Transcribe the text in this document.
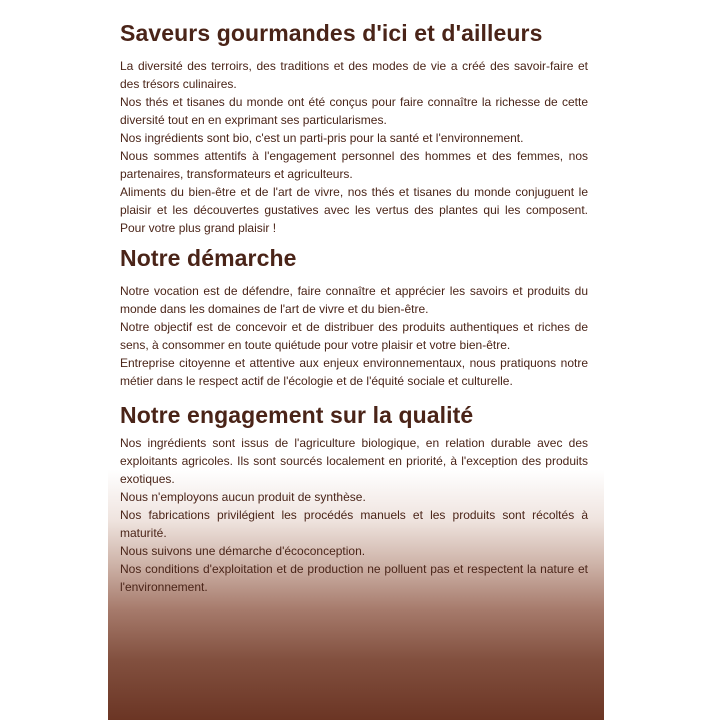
Saveurs gourmandes d'ici et d'ailleurs

La diversité des terroirs, des traditions et des modes de vie a créé des savoir-faire et des trésors culinaires.

Nos thés et tisanes du monde ont été conçus pour faire connaître la richesse de cette diversité tout en en exprimant ses particularismes.

Nos ingrédients sont bio, c'est un parti-pris pour la santé et l'environnement.

Nous sommes attentifs à l'engagement personnel des hommes et des femmes, nos partenaires, transformateurs et agriculteurs.

Aliments du bien-être et de l'art de vivre, nos thés et tisanes du monde conjuguent le plaisir et les découvertes gustatives avec les vertus des plantes qui les composent. Pour votre plus grand plaisir !

Notre démarche

Notre vocation est de défendre, faire connaître et apprécier les savoirs et produits du monde dans les domaines de l'art de vivre et du bien-être.

Notre objectif est de concevoir et de distribuer des produits authentiques et riches de sens, à consommer en toute quiétude pour votre plaisir et votre bien-être.

Entreprise citoyenne et attentive aux enjeux environnementaux, nous pratiquons notre métier dans le respect actif de l'écologie et de l'équité sociale et culturelle.

Notre engagement sur la qualité

Nos ingrédients sont issus de l'agriculture biologique, en relation durable avec des exploitants agricoles. Ils sont sourcés localement en priorité, à l'exception des produits exotiques.

Nous n'employons aucun produit de synthèse.

Nos fabrications privilégient les procédés manuels et les produits sont récoltés à maturité.

Nous suivons une démarche d'écoconception.

Nos conditions d'exploitation et de production ne polluent pas et respectent la nature et l'environnement.
